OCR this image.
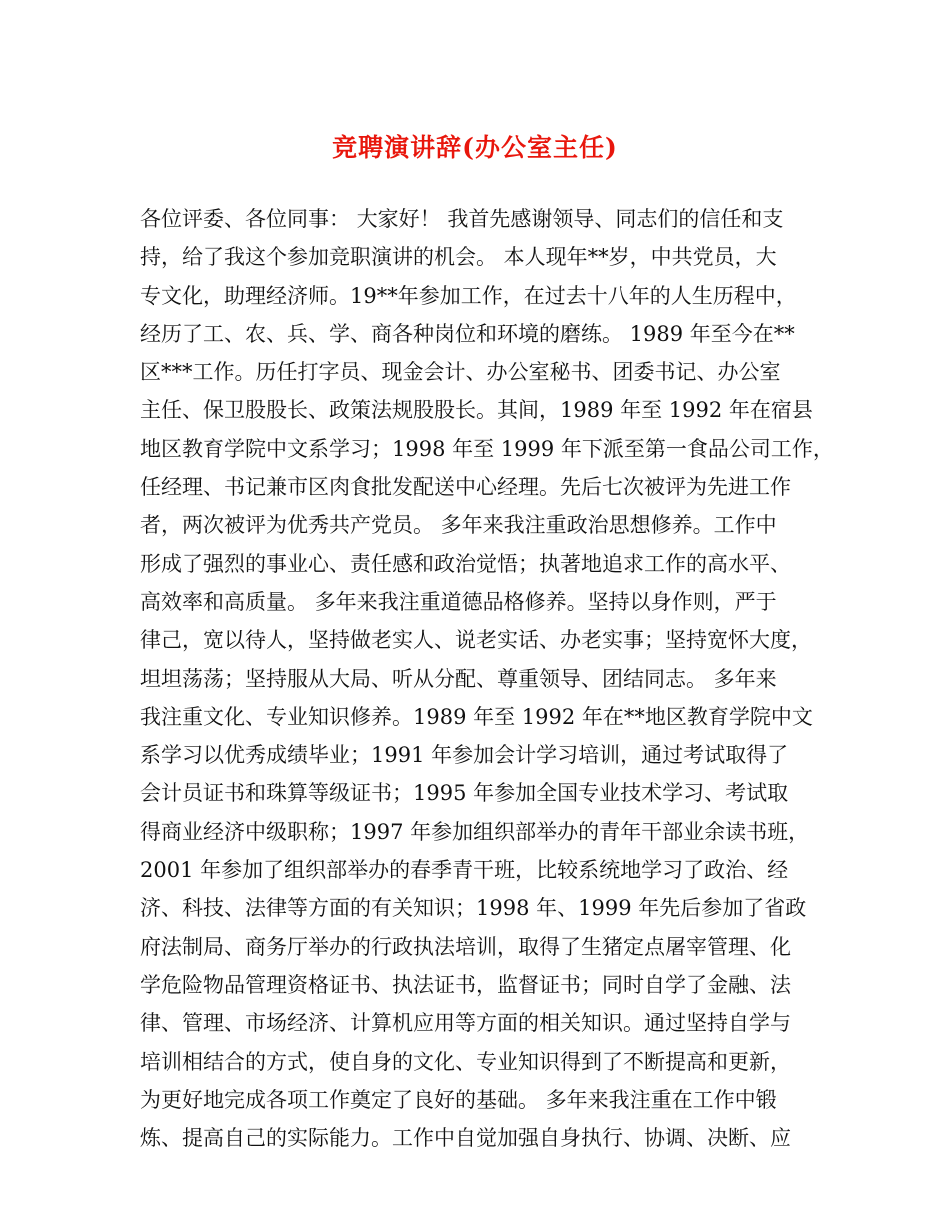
竞聘演讲辞(办公室主任)
各位评委、各位同事： 大家好！ 我首先感谢领导、同志们的信任和支
持，给了我这个参加竞职演讲的机会。 本人现年**岁，中共党员，大
专文化，助理经济师。19**年参加工作，在过去十八年的人生历程中，
经历了工、农、兵、学、商各种岗位和环境的磨练。 1989 年至今在**
区***工作。历任打字员、现金会计、办公室秘书、团委书记、办公室
主任、保卫股股长、政策法规股股长。其间，1989 年至 1992 年在宿县
地区教育学院中文系学习；1998 年至 1999 年下派至第一食品公司工作，
任经理、书记兼市区肉食批发配送中心经理。先后七次被评为先进工作
者，两次被评为优秀共产党员。 多年来我注重政治思想修养。工作中
形成了强烈的事业心、责任感和政治觉悟；执著地追求工作的高水平、
高效率和高质量。 多年来我注重道德品格修养。坚持以身作则，严于
律己，宽以待人，坚持做老实人、说老实话、办老实事；坚持宽怀大度，
坦坦荡荡；坚持服从大局、听从分配、尊重领导、团结同志。 多年来
我注重文化、专业知识修养。1989 年至 1992 年在**地区教育学院中文
系学习以优秀成绩毕业；1991 年参加会计学习培训，通过考试取得了
会计员证书和珠算等级证书；1995 年参加全国专业技术学习、考试取
得商业经济中级职称；1997 年参加组织部举办的青年干部业余读书班，
2001 年参加了组织部举办的春季青干班，比较系统地学习了政治、经
济、科技、法律等方面的有关知识；1998 年、1999 年先后参加了省政
府法制局、商务厅举办的行政执法培训，取得了生猪定点屠宰管理、化
学危险物品管理资格证书、执法证书，监督证书；同时自学了金融、法
律、管理、市场经济、计算机应用等方面的相关知识。通过坚持自学与
培训相结合的方式，使自身的文化、专业知识得到了不断提高和更新，
为更好地完成各项工作奠定了良好的基础。 多年来我注重在工作中锻
炼、提高自己的实际能力。工作中自觉加强自身执行、协调、决断、应
